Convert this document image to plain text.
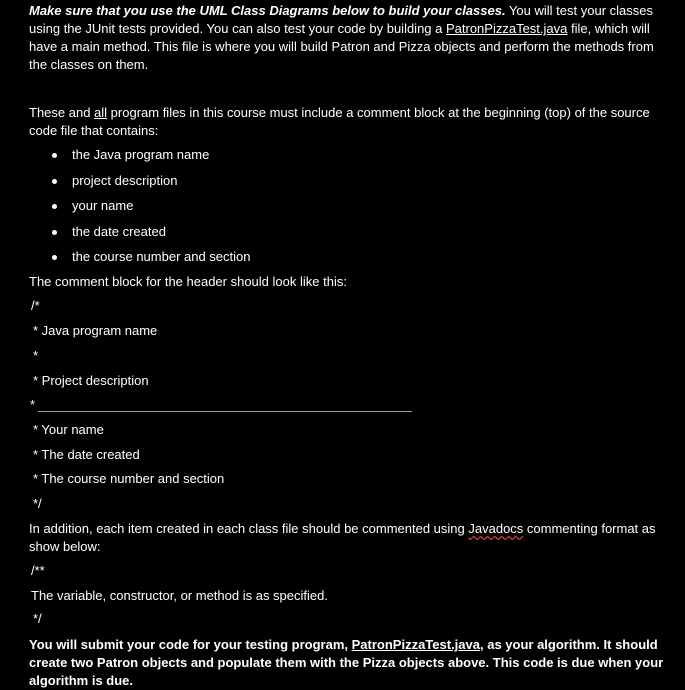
Make sure that you use the UML Class Diagrams below to build your classes. You will test your classes using the JUnit tests provided. You can also test your code by building a PatronPizzaTest.java file, which will have a main method. This file is where you will build Patron and Pizza objects and perform the methods from the classes on them.

These and all program files in this course must include a comment block at the beginning (top) of the source code file that contains:

the Java program name
project description
your name
the date created
the course number and section
The comment block for the header should look like this:
/*
* Java program name
*
* Project description
*
* Your name
* The date created
* The course number and section
*/

In addition, each item created in each class file should be commented using Javadocs commenting format as show below:

/**
The variable, constructor, or method is as specified.
*/

You will submit your code for your testing program, PatronPizzaTest.java, as your algorithm. It should create two Patron objects and populate them with the Pizza objects above. This code is due when your algorithm is due.
